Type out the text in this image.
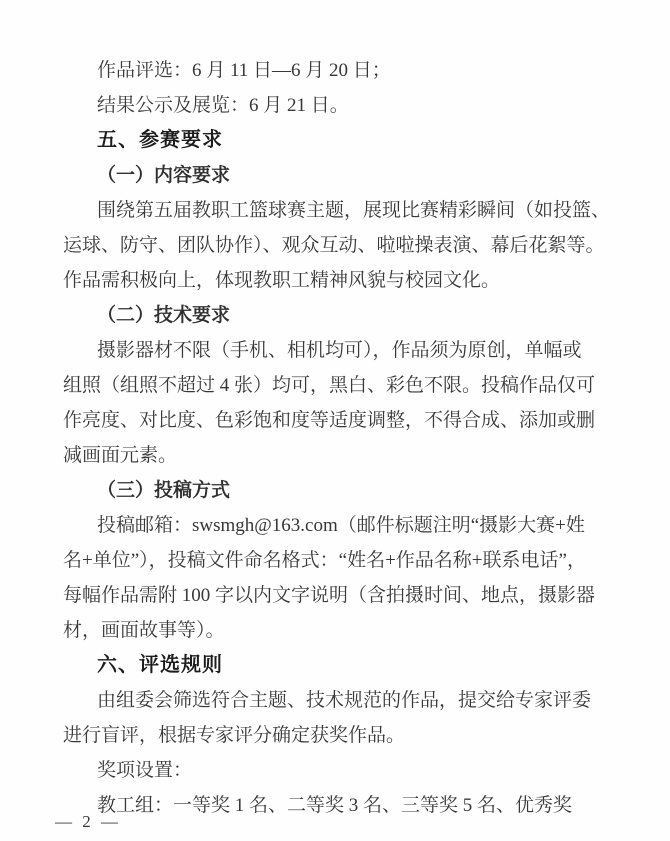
作品评选：6 月 11 日—6 月 20 日；
结果公示及展览：6 月 21 日。
五、参赛要求
（一）内容要求
围绕第五届教职工篮球赛主题，展现比赛精彩瞬间（如投篮、
运球、防守、团队协作）、观众互动、啦啦操表演、幕后花絮等。
作品需积极向上，体现教职工精神风貌与校园文化。
（二）技术要求
摄影器材不限（手机、相机均可），作品须为原创，单幅或
组照（组照不超过 4 张）均可，黑白、彩色不限。投稿作品仅可
作亮度、对比度、色彩饱和度等适度调整，不得合成、添加或删
减画面元素。
（三）投稿方式
投稿邮箱：swsmgh@163.com（邮件标题注明“摄影大赛+姓
名+单位”），投稿文件命名格式：“姓名+作品名称+联系电话”，
每幅作品需附 100 字以内文字说明（含拍摄时间、地点，摄影器
材，画面故事等）。
六、评选规则
由组委会筛选符合主题、技术规范的作品，提交给专家评委
进行盲评，根据专家评分确定获奖作品。
奖项设置：
教工组：一等奖 1 名、二等奖 3 名、三等奖 5 名、优秀奖
— 2 —
